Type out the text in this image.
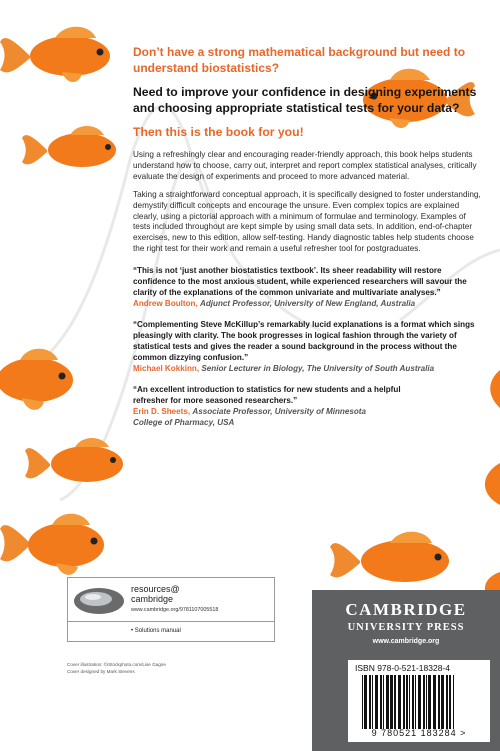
Don’t have a strong mathematical background but need to understand biostatistics?

Need to improve your confidence in designing experiments and choosing appropriate statistical tests for your data?

Then this is the book for you!

Using a refreshingly clear and encouraging reader-friendly approach, this book helps students understand how to choose, carry out, interpret and report complex statistical analyses, critically evaluate the design of experiments and proceed to more advanced material.

Taking a straightforward conceptual approach, it is specifically designed to foster understanding, demystify difficult concepts and encourage the unsure. Even complex topics are explained clearly, using a pictorial approach with a minimum of formulae and terminology. Examples of tests included throughout are kept simple by using small data sets. In addition, end-of-chapter exercises, new to this edition, allow self-testing. Handy diagnostic tables help students choose the right test for their work and remain a useful refresher tool for postgraduates.

“This is not ‘just another biostatistics textbook’. Its sheer readability will restore confidence to the most anxious student, while experienced researchers will savour the clarity of the explanations of the common univariate and multivariate analyses.”

Andrew Boulton, Adjunct Professor, University of New England, Australia

“Complementing Steve McKillup’s remarkably lucid explanations is a format which sings pleasingly with clarity. The book progresses in logical fashion through the variety of statistical tests and gives the reader a sound background in the process without the common dizzying confusion.”

Michael Kokkinn, Senior Lecturer in Biology, The University of South Australia

“An excellent introduction to statistics for new students and a helpful refresher for more seasoned researchers.”

Erin D. Sheets, Associate Professor, University of Minnesota College of Pharmacy, USA

resources@
cambridge
www.cambridge.org/9781107005518
• Solutions manual
Cover illustration: ©iStockphoto.com/Lise Gagne
Cover designed by Mark Stevens
CAMBRIDGE
UNIVERSITY PRESS
www.cambridge.org
ISBN 978-0-521-18328-4
9 780521 183284 >
